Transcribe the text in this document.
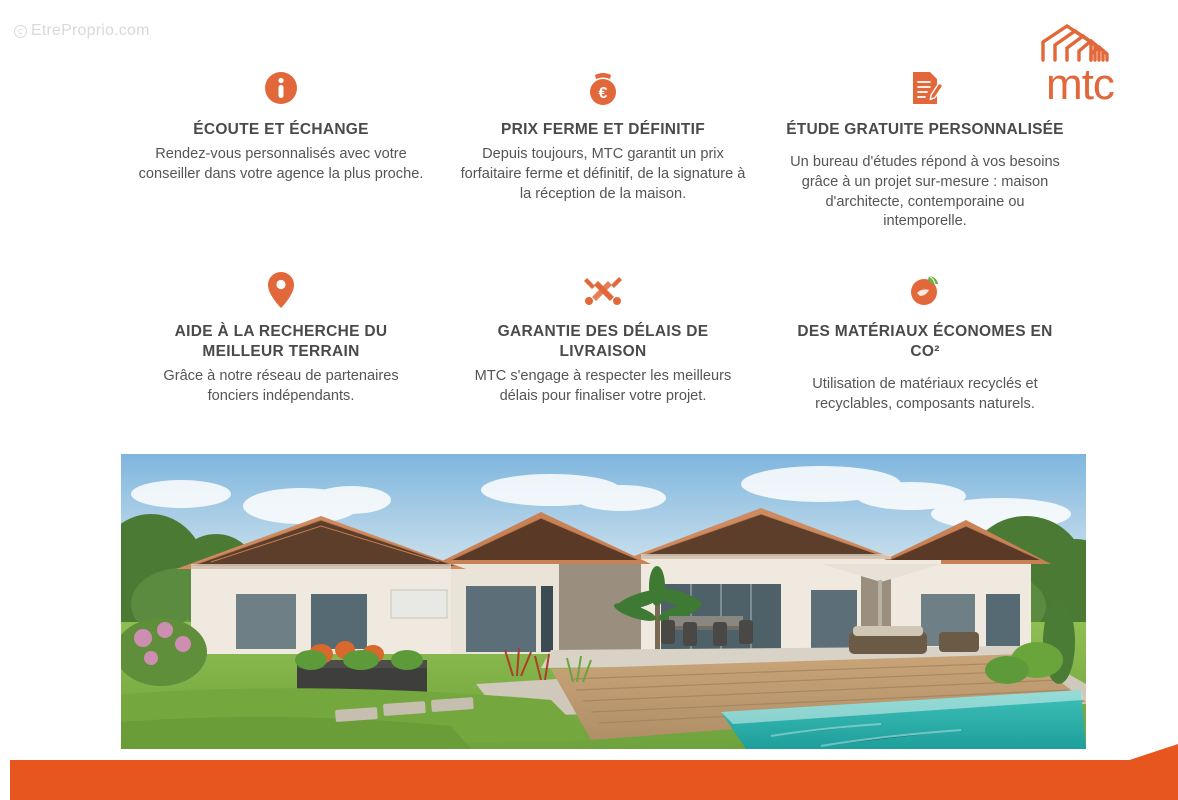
c EtreProprio.com
mtc
ÉCOUTE ET ÉCHANGE

Rendez-vous personnalisés avec votre conseiller dans votre agence la plus proche.

€
PRIX FERME ET DÉFINITIF

Depuis toujours, MTC garantit un prix forfaitaire ferme et définitif, de la signature à la réception de la maison.

ÉTUDE GRATUITE PERSONNALISÉE

Un bureau d'études répond à vos besoins grâce à un projet sur-mesure : maison d'architecte, contemporaine ou intemporelle.

AIDE À LA RECHERCHE DU MEILLEUR TERRAIN

Grâce à notre réseau de partenaires fonciers indépendants.

GARANTIE DES DÉLAIS DE LIVRAISON

MTC s'engage à respecter les meilleurs délais pour finaliser votre projet.

DES MATÉRIAUX ÉCONOMES EN CO²

Utilisation de matériaux recyclés et recyclables, composants naturels.
